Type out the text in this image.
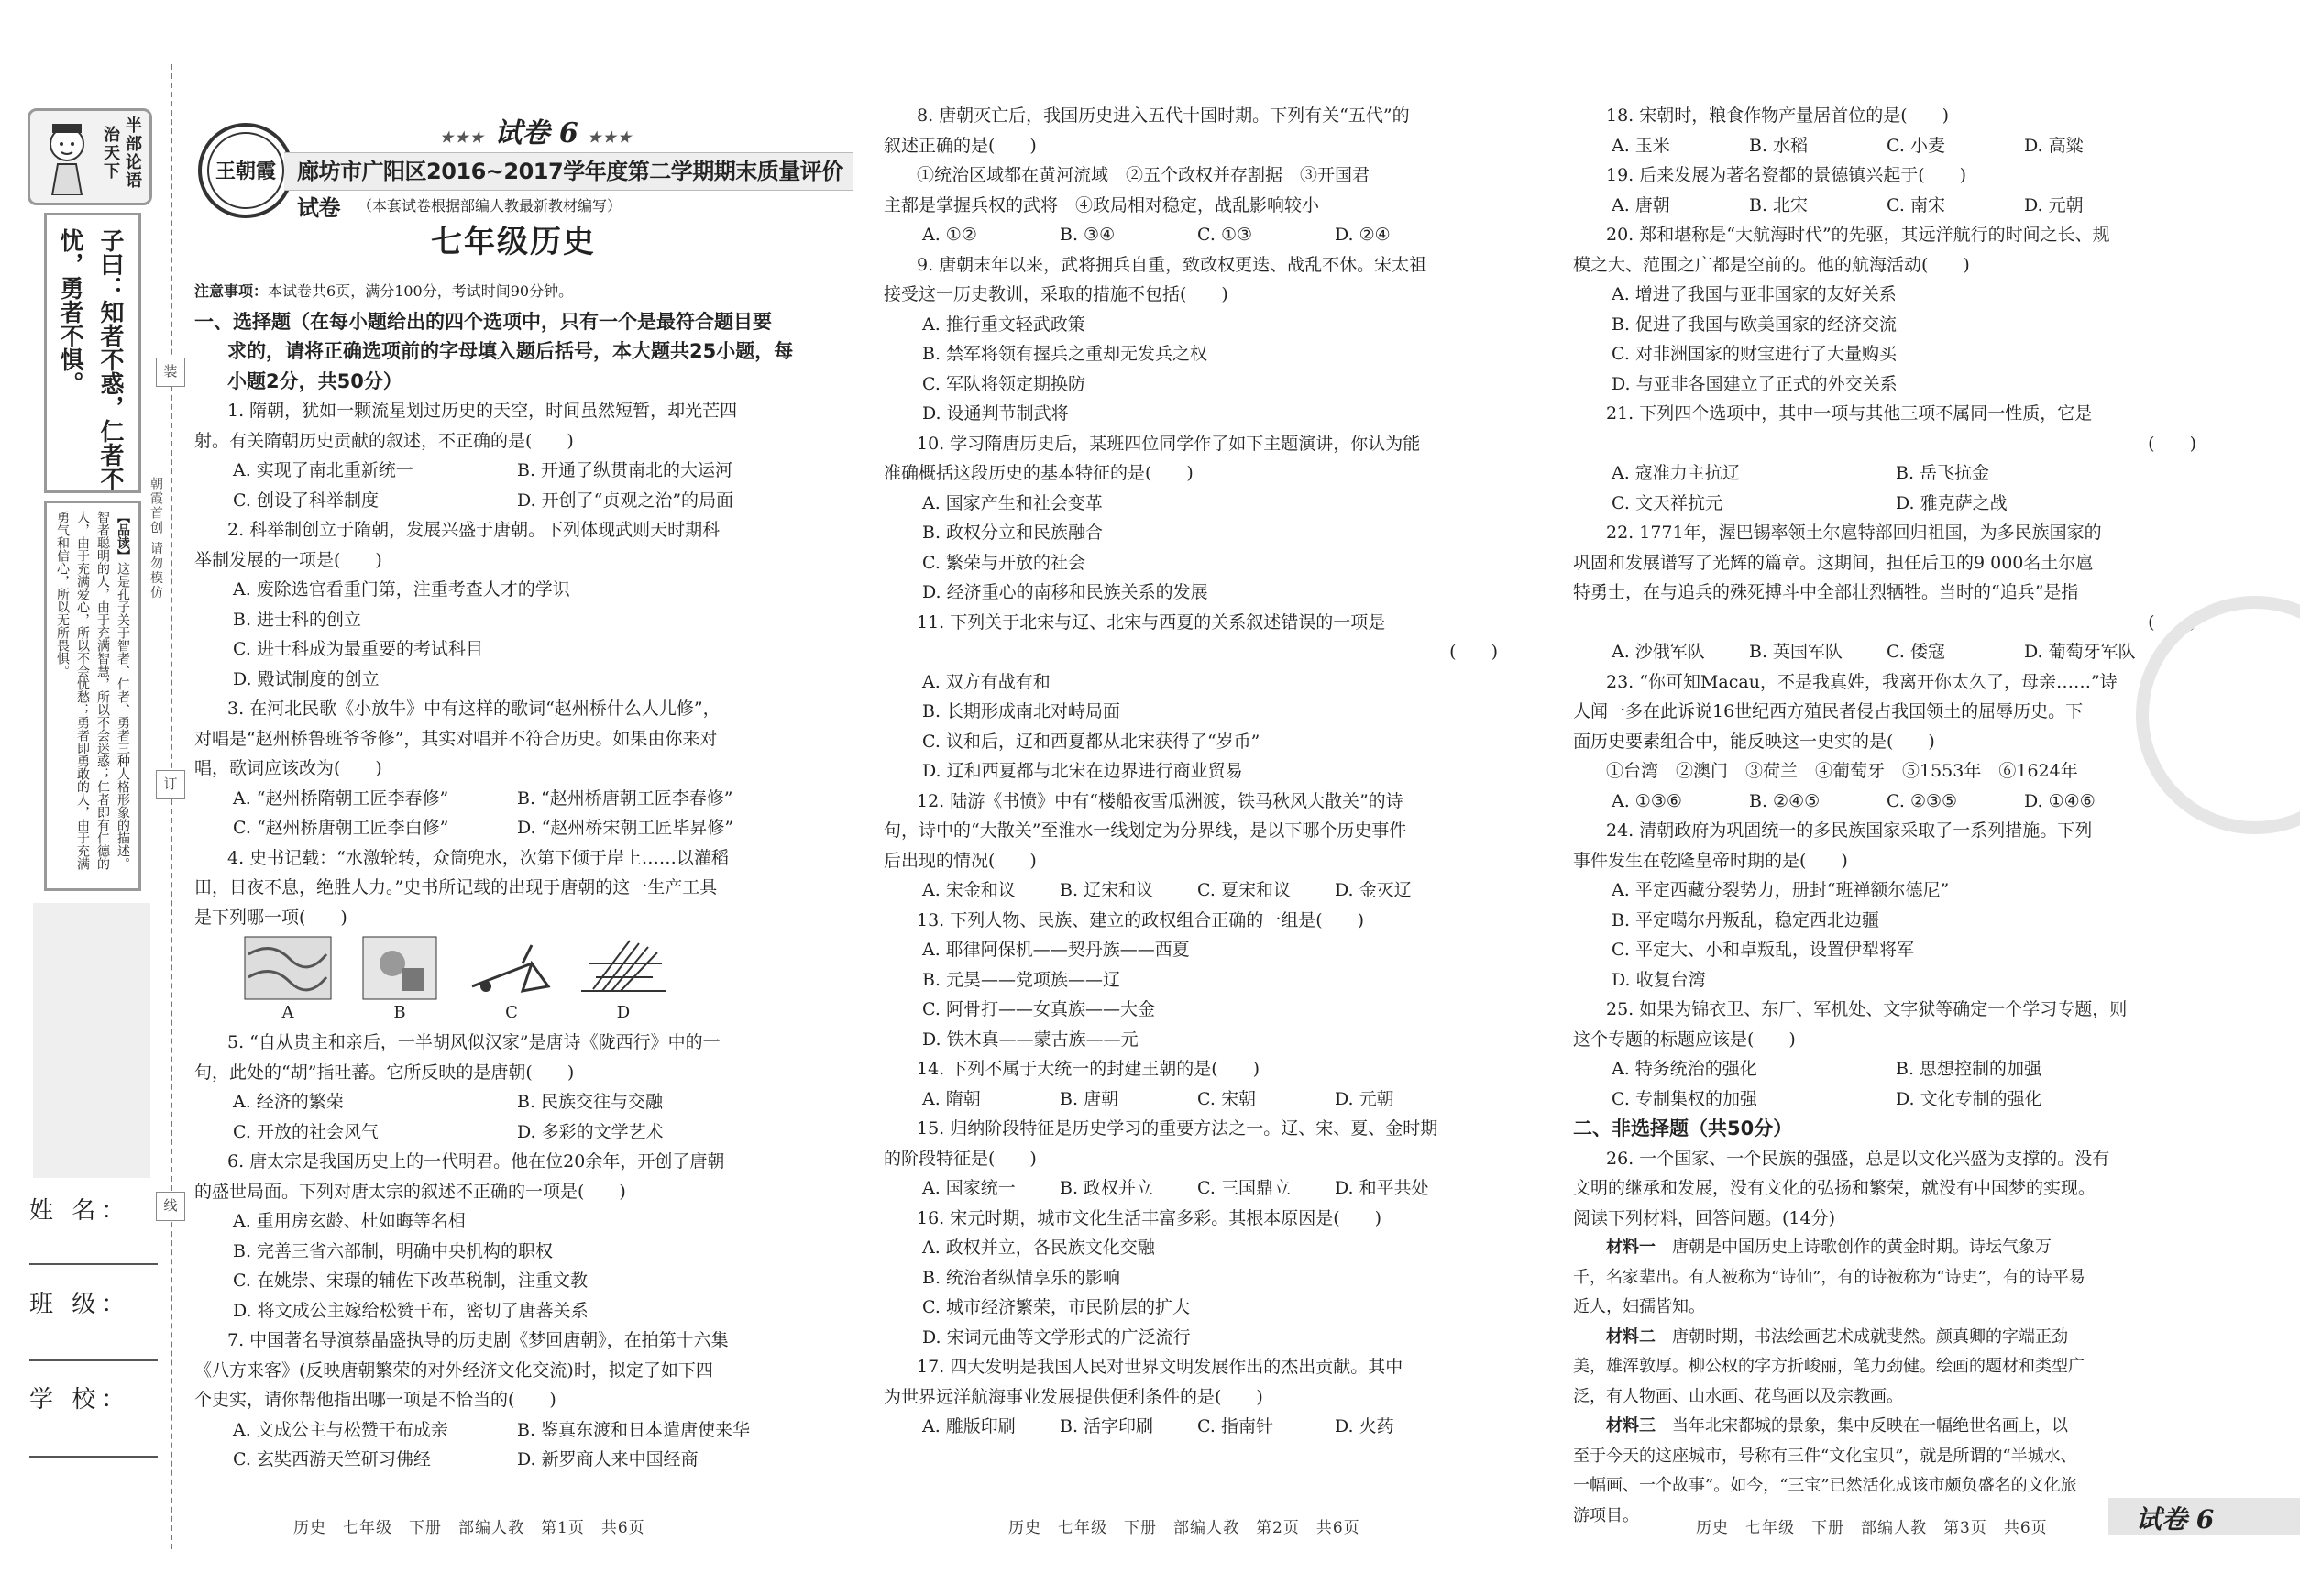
半部论语
治天下
子曰：知者不惑，仁者不
忧，勇者不惧。
【品读】这是孔子关于智者、仁者、勇者三种人格形象的描述。智者聪明的人，由于充满智慧，所以不会迷惑；仁者即有仁德的人，由于充满爱心，所以不会忧愁；勇者即勇敢的人，由于充满勇气和信心，所以无所畏惧。	朝霞首创 请勿模仿
姓 名：
班 级：
学 校：
装
订
线
王朝霞
★★★ 试卷 6 ★★★
廊坊市广阳区2016~2017学年度第二学期期末质量评价试卷	（本套试卷根据部编人教最新教材编写）
七年级历史
注意事项：本试卷共6页，满分100分，考试时间90分钟。
一、选择题（在每小题给出的四个选项中，只有一个是最符合题目要
求的，请将正确选项前的字母填入题后括号，本大题共25小题，每
小题2分，共50分）
1. 隋朝，犹如一颗流星划过历史的天空，时间虽然短暂，却光芒四
射。有关隋朝历史贡献的叙述，不正确的是(　　)
A. 实现了南北重新统一	B. 开通了纵贯南北的大运河
C. 创设了科举制度	D. 开创了“贞观之治”的局面
2. 科举制创立于隋朝，发展兴盛于唐朝。下列体现武则天时期科
举制发展的一项是(　　)
A. 废除选官看重门第，注重考查人才的学识
B. 进士科的创立
C. 进士科成为最重要的考试科目
D. 殿试制度的创立
3. 在河北民歌《小放牛》中有这样的歌词“赵州桥什么人儿修”，
对唱是“赵州桥鲁班爷爷修”，其实对唱并不符合历史。如果由你来对
唱，歌词应该改为(　　)
A. “赵州桥隋朝工匠李春修”	B. “赵州桥唐朝工匠李春修”
C. “赵州桥唐朝工匠李白修”	D. “赵州桥宋朝工匠毕昇修”
4. 史书记载：“水激轮转，众筒兜水，次第下倾于岸上……以灌稻
田，日夜不息，绝胜人力。”史书所记载的出现于唐朝的这一生产工具
是下列哪一项(　　)
A	B	C	D
5. “自从贵主和亲后，一半胡风似汉家”是唐诗《陇西行》中的一
句，此处的“胡”指吐蕃。它所反映的是唐朝(　　)
A. 经济的繁荣	B. 民族交往与交融
C. 开放的社会风气	D. 多彩的文学艺术
6. 唐太宗是我国历史上的一代明君。他在位20余年，开创了唐朝
的盛世局面。下列对唐太宗的叙述不正确的一项是(　　)
A. 重用房玄龄、杜如晦等名相
B. 完善三省六部制，明确中央机构的职权
C. 在姚崇、宋璟的辅佐下改革税制，注重文教
D. 将文成公主嫁给松赞干布，密切了唐蕃关系
7. 中国著名导演蔡晶盛执导的历史剧《梦回唐朝》，在拍第十六集
《八方来客》(反映唐朝繁荣的对外经济文化交流)时，拟定了如下四
个史实，请你帮他指出哪一项是不恰当的(　　)
A. 文成公主与松赞干布成亲	B. 鉴真东渡和日本遣唐使来华
C. 玄奘西游天竺研习佛经	D. 新罗商人来中国经商
8. 唐朝灭亡后，我国历史进入五代十国时期。下列有关“五代”的
叙述正确的是(　　)
①统治区域都在黄河流域　②五个政权并存割据　③开国君
主都是掌握兵权的武将　④政局相对稳定，战乱影响较小
A. ①②	B. ③④	C. ①③	D. ②④
9. 唐朝末年以来，武将拥兵自重，致政权更迭、战乱不休。宋太祖
接受这一历史教训，采取的措施不包括(　　)
A. 推行重文轻武政策
B. 禁军将领有握兵之重却无发兵之权
C. 军队将领定期换防
D. 设通判节制武将
10. 学习隋唐历史后，某班四位同学作了如下主题演讲，你认为能
准确概括这段历史的基本特征的是(　　)
A. 国家产生和社会变革
B. 政权分立和民族融合
C. 繁荣与开放的社会
D. 经济重心的南移和民族关系的发展
11. 下列关于北宋与辽、北宋与西夏的关系叙述错误的一项是
(　　)
A. 双方有战有和
B. 长期形成南北对峙局面
C. 议和后，辽和西夏都从北宋获得了“岁币”
D. 辽和西夏都与北宋在边界进行商业贸易
12. 陆游《书愤》中有“楼船夜雪瓜洲渡，铁马秋风大散关”的诗
句，诗中的“大散关”至淮水一线划定为分界线，是以下哪个历史事件
后出现的情况(　　)
A. 宋金和议	B. 辽宋和议	C. 夏宋和议	D. 金灭辽
13. 下列人物、民族、建立的政权组合正确的一组是(　　)
A. 耶律阿保机——契丹族——西夏
B. 元昊——党项族——辽
C. 阿骨打——女真族——大金
D. 铁木真——蒙古族——元
14. 下列不属于大统一的封建王朝的是(　　)
A. 隋朝	B. 唐朝	C. 宋朝	D. 元朝
15. 归纳阶段特征是历史学习的重要方法之一。辽、宋、夏、金时期
的阶段特征是(　　)
A. 国家统一	B. 政权并立	C. 三国鼎立	D. 和平共处
16. 宋元时期，城市文化生活丰富多彩。其根本原因是(　　)
A. 政权并立，各民族文化交融
B. 统治者纵情享乐的影响
C. 城市经济繁荣，市民阶层的扩大
D. 宋词元曲等文学形式的广泛流行
17. 四大发明是我国人民对世界文明发展作出的杰出贡献。其中
为世界远洋航海事业发展提供便利条件的是(　　)
A. 雕版印刷	B. 活字印刷	C. 指南针	D. 火药
18. 宋朝时，粮食作物产量居首位的是(　　)
A. 玉米	B. 水稻	C. 小麦	D. 高粱
19. 后来发展为著名瓷都的景德镇兴起于(　　)
A. 唐朝	B. 北宋	C. 南宋	D. 元朝
20. 郑和堪称是“大航海时代”的先驱，其远洋航行的时间之长、规
模之大、范围之广都是空前的。他的航海活动(　　)
A. 增进了我国与亚非国家的友好关系
B. 促进了我国与欧美国家的经济交流
C. 对非洲国家的财宝进行了大量购买
D. 与亚非各国建立了正式的外交关系
21. 下列四个选项中，其中一项与其他三项不属同一性质，它是
(　　)
A. 寇准力主抗辽	B. 岳飞抗金
C. 文天祥抗元	D. 雅克萨之战
22. 1771年，渥巴锡率领土尔扈特部回归祖国，为多民族国家的
巩固和发展谱写了光辉的篇章。这期间，担任后卫的9 000名土尔扈
特勇士，在与追兵的殊死搏斗中全部壮烈牺牲。当时的“追兵”是指
(　　)
A. 沙俄军队	B. 英国军队	C. 倭寇	D. 葡萄牙军队
23. “你可知Macau，不是我真姓，我离开你太久了，母亲……”诗
人闻一多在此诉说16世纪西方殖民者侵占我国领土的屈辱历史。下
面历史要素组合中，能反映这一史实的是(　　)
①台湾　②澳门　③荷兰　④葡萄牙　⑤1553年　⑥1624年
A. ①③⑥	B. ②④⑤	C. ②③⑤	D. ①④⑥
24. 清朝政府为巩固统一的多民族国家采取了一系列措施。下列
事件发生在乾隆皇帝时期的是(　　)
A. 平定西藏分裂势力，册封“班禅额尔德尼”
B. 平定噶尔丹叛乱，稳定西北边疆
C. 平定大、小和卓叛乱，设置伊犁将军
D. 收复台湾
25. 如果为锦衣卫、东厂、军机处、文字狱等确定一个学习专题，则
这个专题的标题应该是(　　)
A. 特务统治的强化	B. 思想控制的加强
C. 专制集权的加强	D. 文化专制的强化
二、非选择题（共50分）
26. 一个国家、一个民族的强盛，总是以文化兴盛为支撑的。没有
文明的继承和发展，没有文化的弘扬和繁荣，就没有中国梦的实现。
阅读下列材料，回答问题。(14分)
材料一　 唐朝是中国历史上诗歌创作的黄金时期。诗坛气象万
千，名家辈出。有人被称为“诗仙”，有的诗被称为“诗史”，有的诗平易
近人，妇孺皆知。
材料二　 唐朝时期，书法绘画艺术成就斐然。颜真卿的字端正劲
美，雄浑敦厚。柳公权的字方折峻丽，笔力劲健。绘画的题材和类型广
泛，有人物画、山水画、花鸟画以及宗教画。
材料三　 当年北宋都城的景象，集中反映在一幅绝世名画上，以
至于今天的这座城市，号称有三件“文化宝贝”，就是所谓的“半城水、
一幅画、一个故事”。如今，“三宝”已然活化成该市颇负盛名的文化旅
游项目。
历史　七年级　下册　部编人教　第1页　共6页	历史　七年级　下册　部编人教　第2页　共6页	历史　七年级　下册　部编人教　第3页　共6页	试卷 6
